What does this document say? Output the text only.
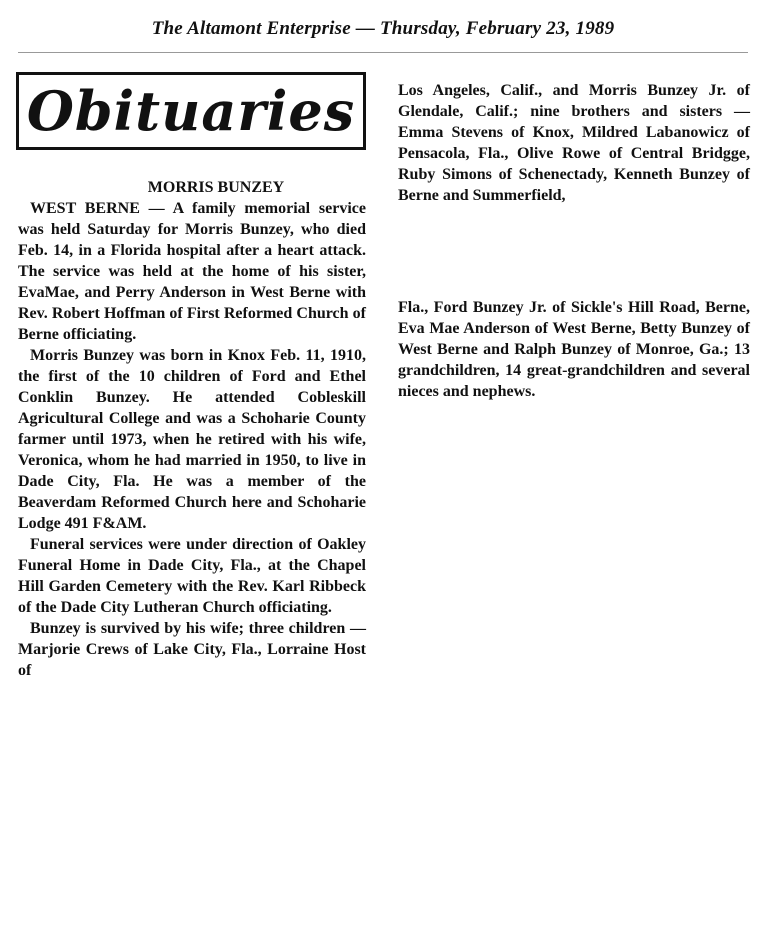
The Altamont Enterprise — Thursday, February 23, 1989
Obituaries
MORRIS BUNZEY

WEST BERNE — A family memorial service was held Saturday for Morris Bunzey, who died Feb. 14, in a Florida hospital after a heart attack. The service was held at the home of his sister, EvaMae, and Perry Anderson in West Berne with Rev. Robert Hoffman of First Reformed Church of Berne officiating.

Morris Bunzey was born in Knox Feb. 11, 1910, the first of the 10 children of Ford and Ethel Conklin Bunzey. He attended Cobleskill Agricultural College and was a Schoharie County farmer until 1973, when he retired with his wife, Veronica, whom he had married in 1950, to live in Dade City, Fla. He was a member of the Beaverdam Reformed Church here and Schoharie Lodge 491 F&AM.

Funeral services were under direction of Oakley Funeral Home in Dade City, Fla., at the Chapel Hill Garden Cemetery with the Rev. Karl Ribbeck of the Dade City Lutheran Church officiating.

Bunzey is survived by his wife; three children — Marjorie Crews of Lake City, Fla., Lorraine Host of

Los Angeles, Calif., and Morris Bunzey Jr. of Glendale, Calif.; nine brothers and sisters — Emma Stevens of Knox, Mildred Labanowicz of Pensacola, Fla., Olive Rowe of Central Bridgge, Ruby Simons of Schenectady, Kenneth Bunzey of Berne and Summerfield,

Fla., Ford Bunzey Jr. of Sickle's Hill Road, Berne, Eva Mae Anderson of West Berne, Betty Bunzey of West Berne and Ralph Bunzey of Monroe, Ga.; 13 grandchildren, 14 great-grandchildren and several nieces and nephews.
